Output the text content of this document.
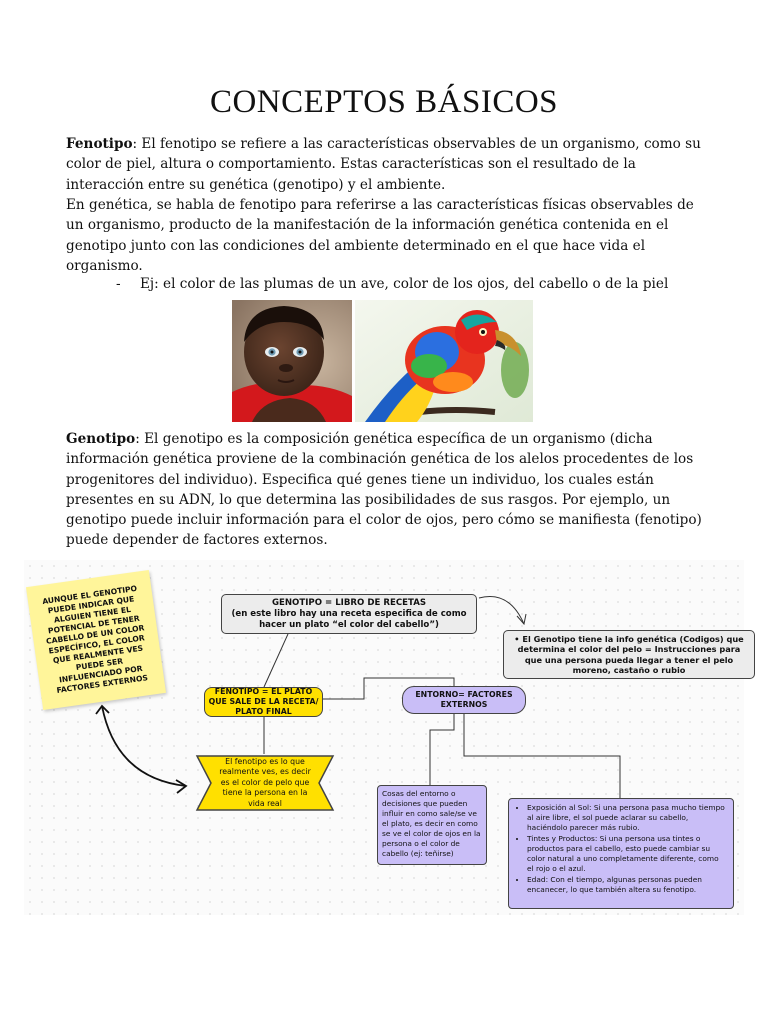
CONCEPTOS BÁSICOS

Fenotipo: El fenotipo se refiere a las características observables de un organismo, como su color de piel, altura o comportamiento. Estas características son el resultado de la interacción entre su genética (genotipo) y el ambiente.

En genética, se habla de fenotipo para referirse a las características físicas observables de un organismo, producto de la manifestación de la información genética contenida en el genotipo junto con las condiciones del ambiente determinado en el que hace vida el organismo.

- Ej: el color de las plumas de un ave, color de los ojos, del cabello o de la piel

Genotipo: El genotipo es la composición genética específica de un organismo (dicha información genética proviene de la combinación genética de los alelos procedentes de los progenitores del individuo). Especifica qué genes tiene un individuo, los cuales están presentes en su ADN, lo que determina las posibilidades de sus rasgos. Por ejemplo, un genotipo puede incluir información para el color de ojos, pero cómo se manifiesta (fenotipo) puede depender de factores externos.

AUNQUE EL GENOTIPO PUEDE INDICAR QUE ALGUIEN TIENE EL POTENCIAL DE TENER CABELLO DE UN COLOR ESPECÍFICO, EL COLOR QUE REALMENTE VES PUEDE SER INFLUENCIADO POR FACTORES EXTERNOS
GENOTIPO = LIBRO DE RECETAS
(en este libro hay una receta especifica de como hacer un plato “el color del cabello”)
• El Genotipo tiene la info genética (Codigos) que determina el color del pelo = Instrucciones para que una persona pueda llegar a tener el pelo moreno, castaño o rubio
FENOTIPO = EL PLATO QUE SALE DE LA RECETA/ PLATO FINAL
ENTORNO= FACTORES EXTERNOS
El fenotipo es lo que realmente ves, es decir es el color de pelo que tiene la persona en la vida real
Cosas del entorno o decisiones que pueden influir en como sale/se ve el plato, es decir en como se ve el color de ojos en la persona o el color de cabello (ej: teñirse)
• Exposición al Sol: Si una persona pasa mucho tiempo al aire libre, el sol puede aclarar su cabello, haciéndolo parecer más rubio.
• Tintes y Productos: Si una persona usa tintes o productos para el cabello, esto puede cambiar su color natural a uno completamente diferente, como el rojo o el azul.
• Edad: Con el tiempo, algunas personas pueden encanecer, lo que también altera su fenotipo.
